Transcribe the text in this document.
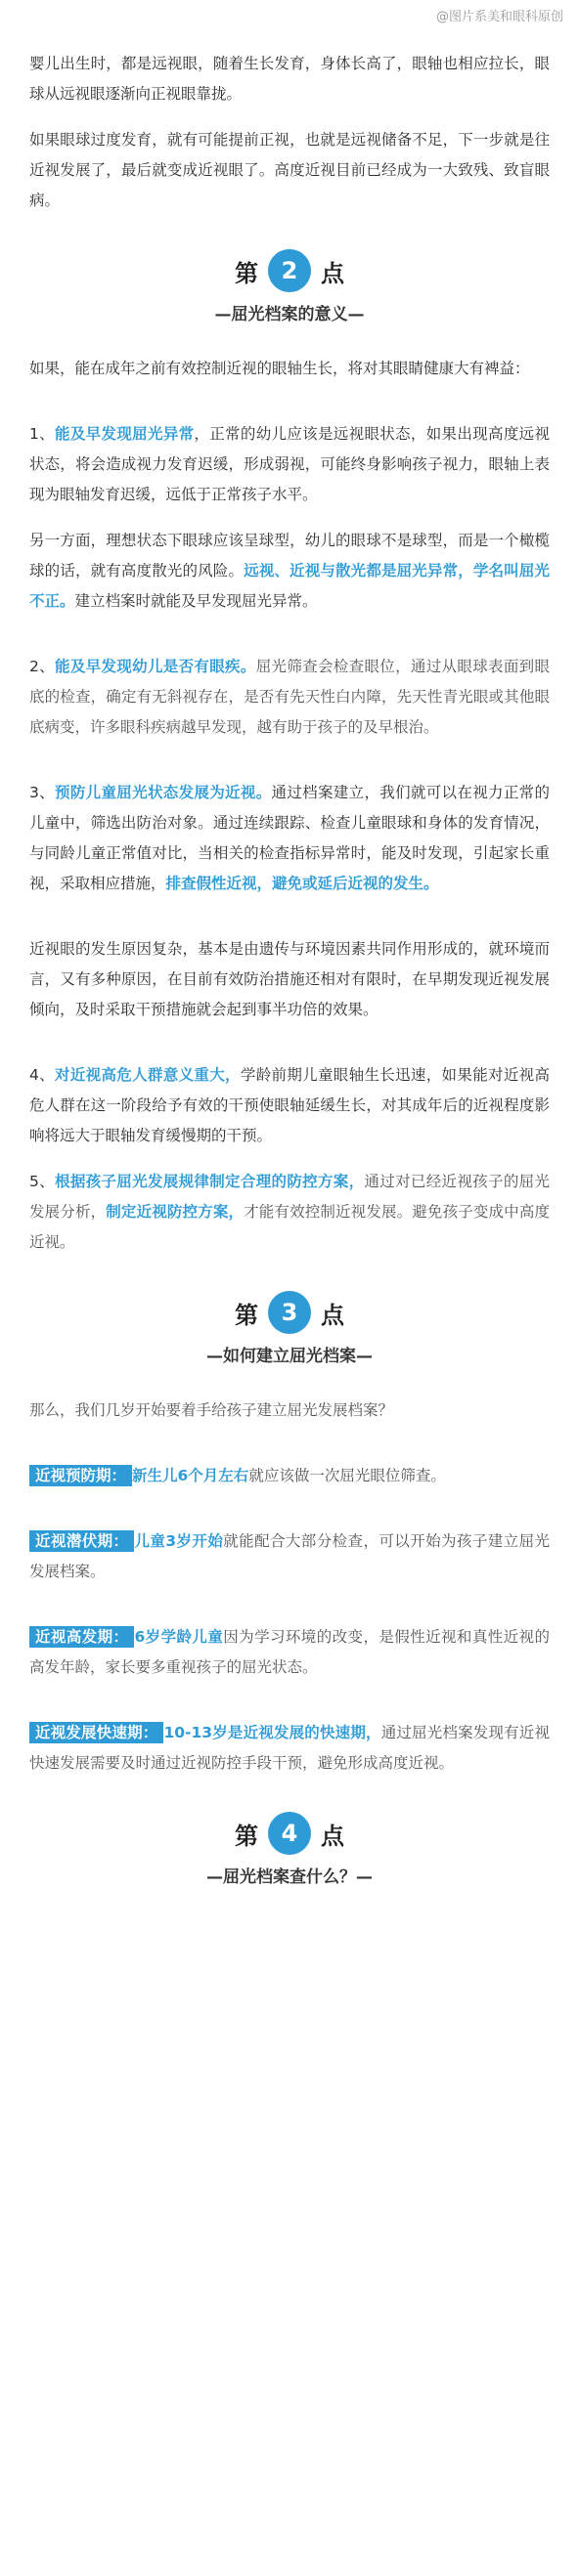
@图片系美和眼科原创

婴儿出生时，都是远视眼，随着生长发育，身体长高了，眼轴也相应拉长，眼球从远视眼逐渐向正视眼靠拢。

如果眼球过度发育，就有可能提前正视，也就是远视储备不足，下一步就是往近视发展了，最后就变成近视眼了。高度近视目前已经成为一大致残、致盲眼病。

第 2 点
—屈光档案的意义—

如果，能在成年之前有效控制近视的眼轴生长，将对其眼睛健康大有裨益：

1、能及早发现屈光异常，正常的幼儿应该是远视眼状态，如果出现高度远视状态，将会造成视力发育迟缓，形成弱视，可能终身影响孩子视力，眼轴上表现为眼轴发育迟缓，远低于正常孩子水平。

另一方面，理想状态下眼球应该呈球型，幼儿的眼球不是球型，而是一个橄榄球的话，就有高度散光的风险。远视、近视与散光都是屈光异常，学名叫屈光不正。建立档案时就能及早发现屈光异常。

2、能及早发现幼儿是否有眼疾。屈光筛查会检查眼位，通过从眼球表面到眼底的检查，确定有无斜视存在，是否有先天性白内障，先天性青光眼或其他眼底病变，许多眼科疾病越早发现，越有助于孩子的及早根治。

3、预防儿童屈光状态发展为近视。通过档案建立，我们就可以在视力正常的儿童中，筛选出防治对象。通过连续跟踪、检查儿童眼球和身体的发育情况，与同龄儿童正常值对比，当相关的检查指标异常时，能及时发现，引起家长重视，采取相应措施，排查假性近视，避免或延后近视的发生。

近视眼的发生原因复杂，基本是由遗传与环境因素共同作用形成的，就环境而言，又有多种原因，在目前有效防治措施还相对有限时，在早期发现近视发展倾向，及时采取干预措施就会起到事半功倍的效果。

4、对近视高危人群意义重大，学龄前期儿童眼轴生长迅速，如果能对近视高危人群在这一阶段给予有效的干预使眼轴延缓生长，对其成年后的近视程度影响将远大于眼轴发育缓慢期的干预。

5、根据孩子屈光发展规律制定合理的防控方案，通过对已经近视孩子的屈光发展分析，制定近视防控方案，才能有效控制近视发展。避免孩子变成中高度近视。

第 3 点
—如何建立屈光档案—

那么，我们几岁开始要着手给孩子建立屈光发展档案？

近视预防期： 新生儿6个月左右就应该做一次屈光眼位筛查。

近视潜伏期： 儿童3岁开始就能配合大部分检查，可以开始为孩子建立屈光发展档案。

近视高发期： 6岁学龄儿童因为学习环境的改变，是假性近视和真性近视的高发年龄，家长要多重视孩子的屈光状态。

近视发展快速期： 10-13岁是近视发展的快速期，通过屈光档案发现有近视快速发展需要及时通过近视防控手段干预，避免形成高度近视。

第 4 点
—屈光档案查什么？—
